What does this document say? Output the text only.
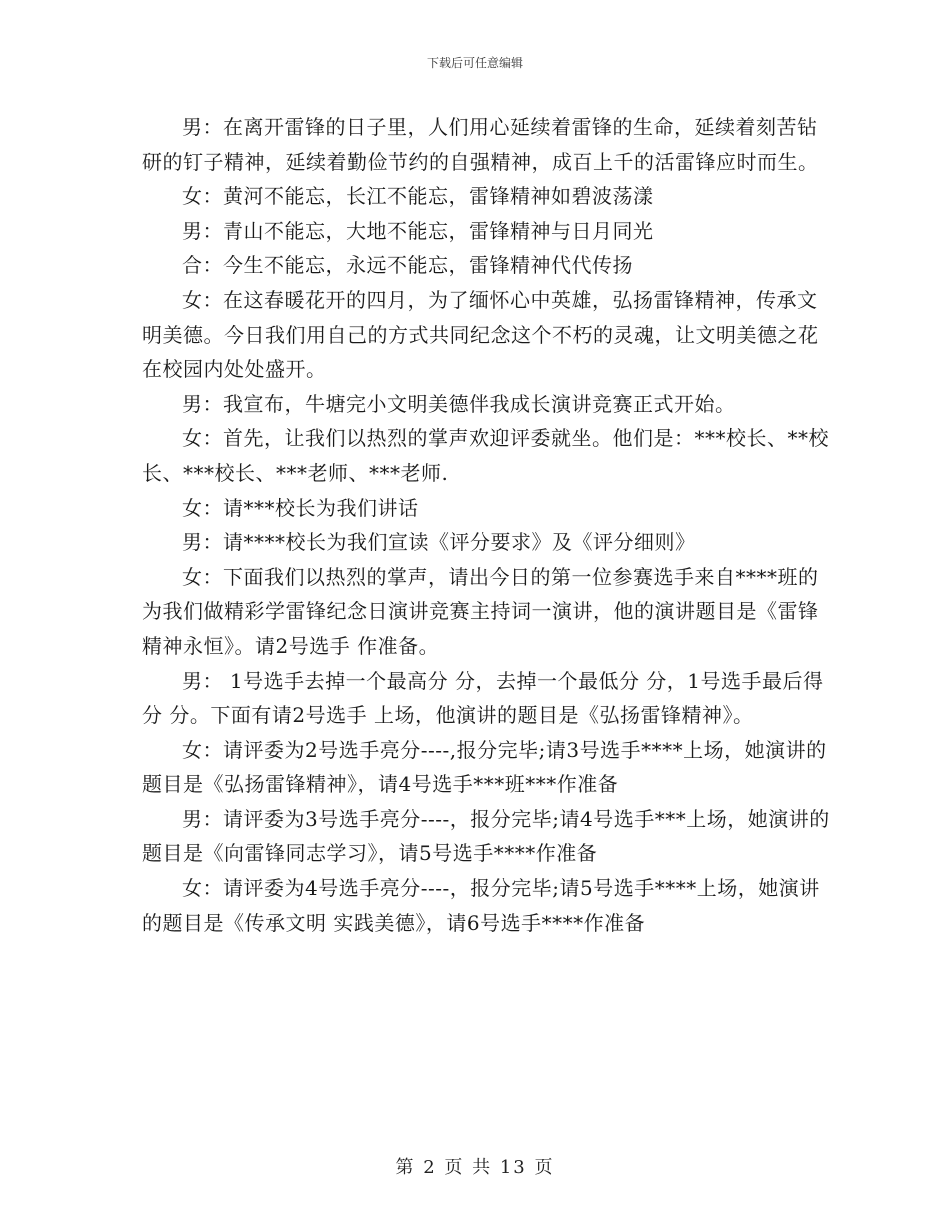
下载后可任意编辑

男：在离开雷锋的日子里，人们用心延续着雷锋的生命，延续着刻苦钻研的钉子精神，延续着勤俭节约的自强精神，成百上千的活雷锋应时而生。

女：黄河不能忘，长江不能忘，雷锋精神如碧波荡漾

男：青山不能忘，大地不能忘，雷锋精神与日月同光

合：今生不能忘，永远不能忘，雷锋精神代代传扬

女：在这春暖花开的四月，为了缅怀心中英雄，弘扬雷锋精神，传承文明美德。今日我们用自己的方式共同纪念这个不朽的灵魂，让文明美德之花在校园内处处盛开。

男：我宣布，牛塘完小文明美德伴我成长演讲竞赛正式开始。

女：首先，让我们以热烈的掌声欢迎评委就坐。他们是：***校长、**校长、***校长、***老师、***老师.

女：请***校长为我们讲话

男：请****校长为我们宣读《评分要求》及《评分细则》

女：下面我们以热烈的掌声，请出今日的第一位参赛选手来自****班的 为我们做精彩学雷锋纪念日演讲竞赛主持词一演讲，他的演讲题目是《雷锋精神永恒》。请2号选手 作准备。

男： 1号选手去掉一个最高分 分，去掉一个最低分 分，1号选手最后得分 分。下面有请2号选手 上场，他演讲的题目是《弘扬雷锋精神》。

女：请评委为2号选手亮分----,报分完毕;请3号选手****上场，她演讲的题目是《弘扬雷锋精神》，请4号选手***班***作准备

男：请评委为3号选手亮分----，报分完毕;请4号选手***上场，她演讲的题目是《向雷锋同志学习》，请5号选手****作准备

女：请评委为4号选手亮分----，报分完毕;请5号选手****上场，她演讲的题目是《传承文明 实践美德》，请6号选手****作准备

第 2 页 共 13 页
